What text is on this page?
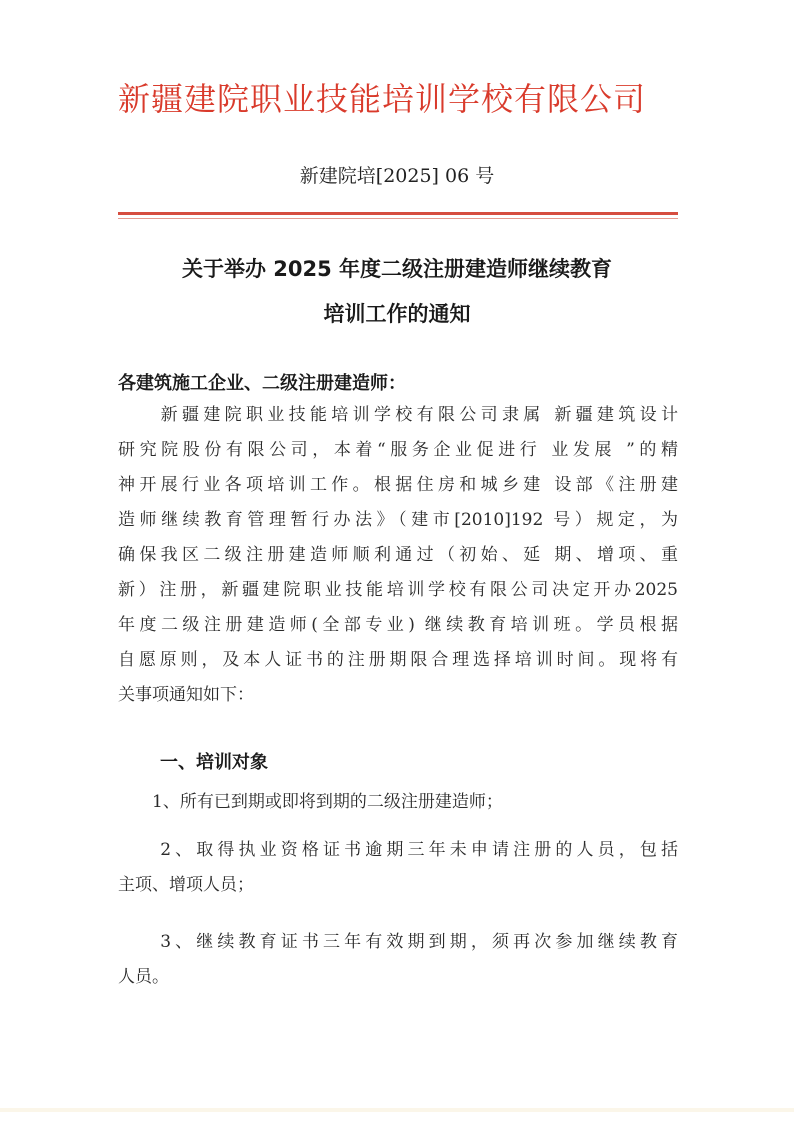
新疆建院职业技能培训学校有限公司
新建院培[2025] 06 号
关于举办 2025 年度二级注册建造师继续教育
培训工作的通知
各建筑施工企业、二级注册建造师：
　　新疆建院职业技能培训学校有限公司隶属 新疆建筑设计
研究院股份有限公司，本着“服务企业促进行 业发展 ”的精
神开展行业各项培训工作。根据住房和城乡建 设部《注册建
造师继续教育管理暂行办法》（建市[2010]192 号）规定，为
确保我区二级注册建造师顺利通过（初始、延 期、增项、重
新）注册，新疆建院职业技能培训学校有限公司决定开办2025
年度二级注册建造师(全部专业) 继续教育培训班。学员根据
自愿原则，及本人证书的注册期限合理选择培训时间。现将有
关事项通知如下：
一、培训对象
　　1、所有已到期或即将到期的二级注册建造师；
　　2、取得执业资格证书逾期三年未申请注册的人员，包括
主项、增项人员；
　　3、继续教育证书三年有效期到期，须再次参加继续教育
人员。
